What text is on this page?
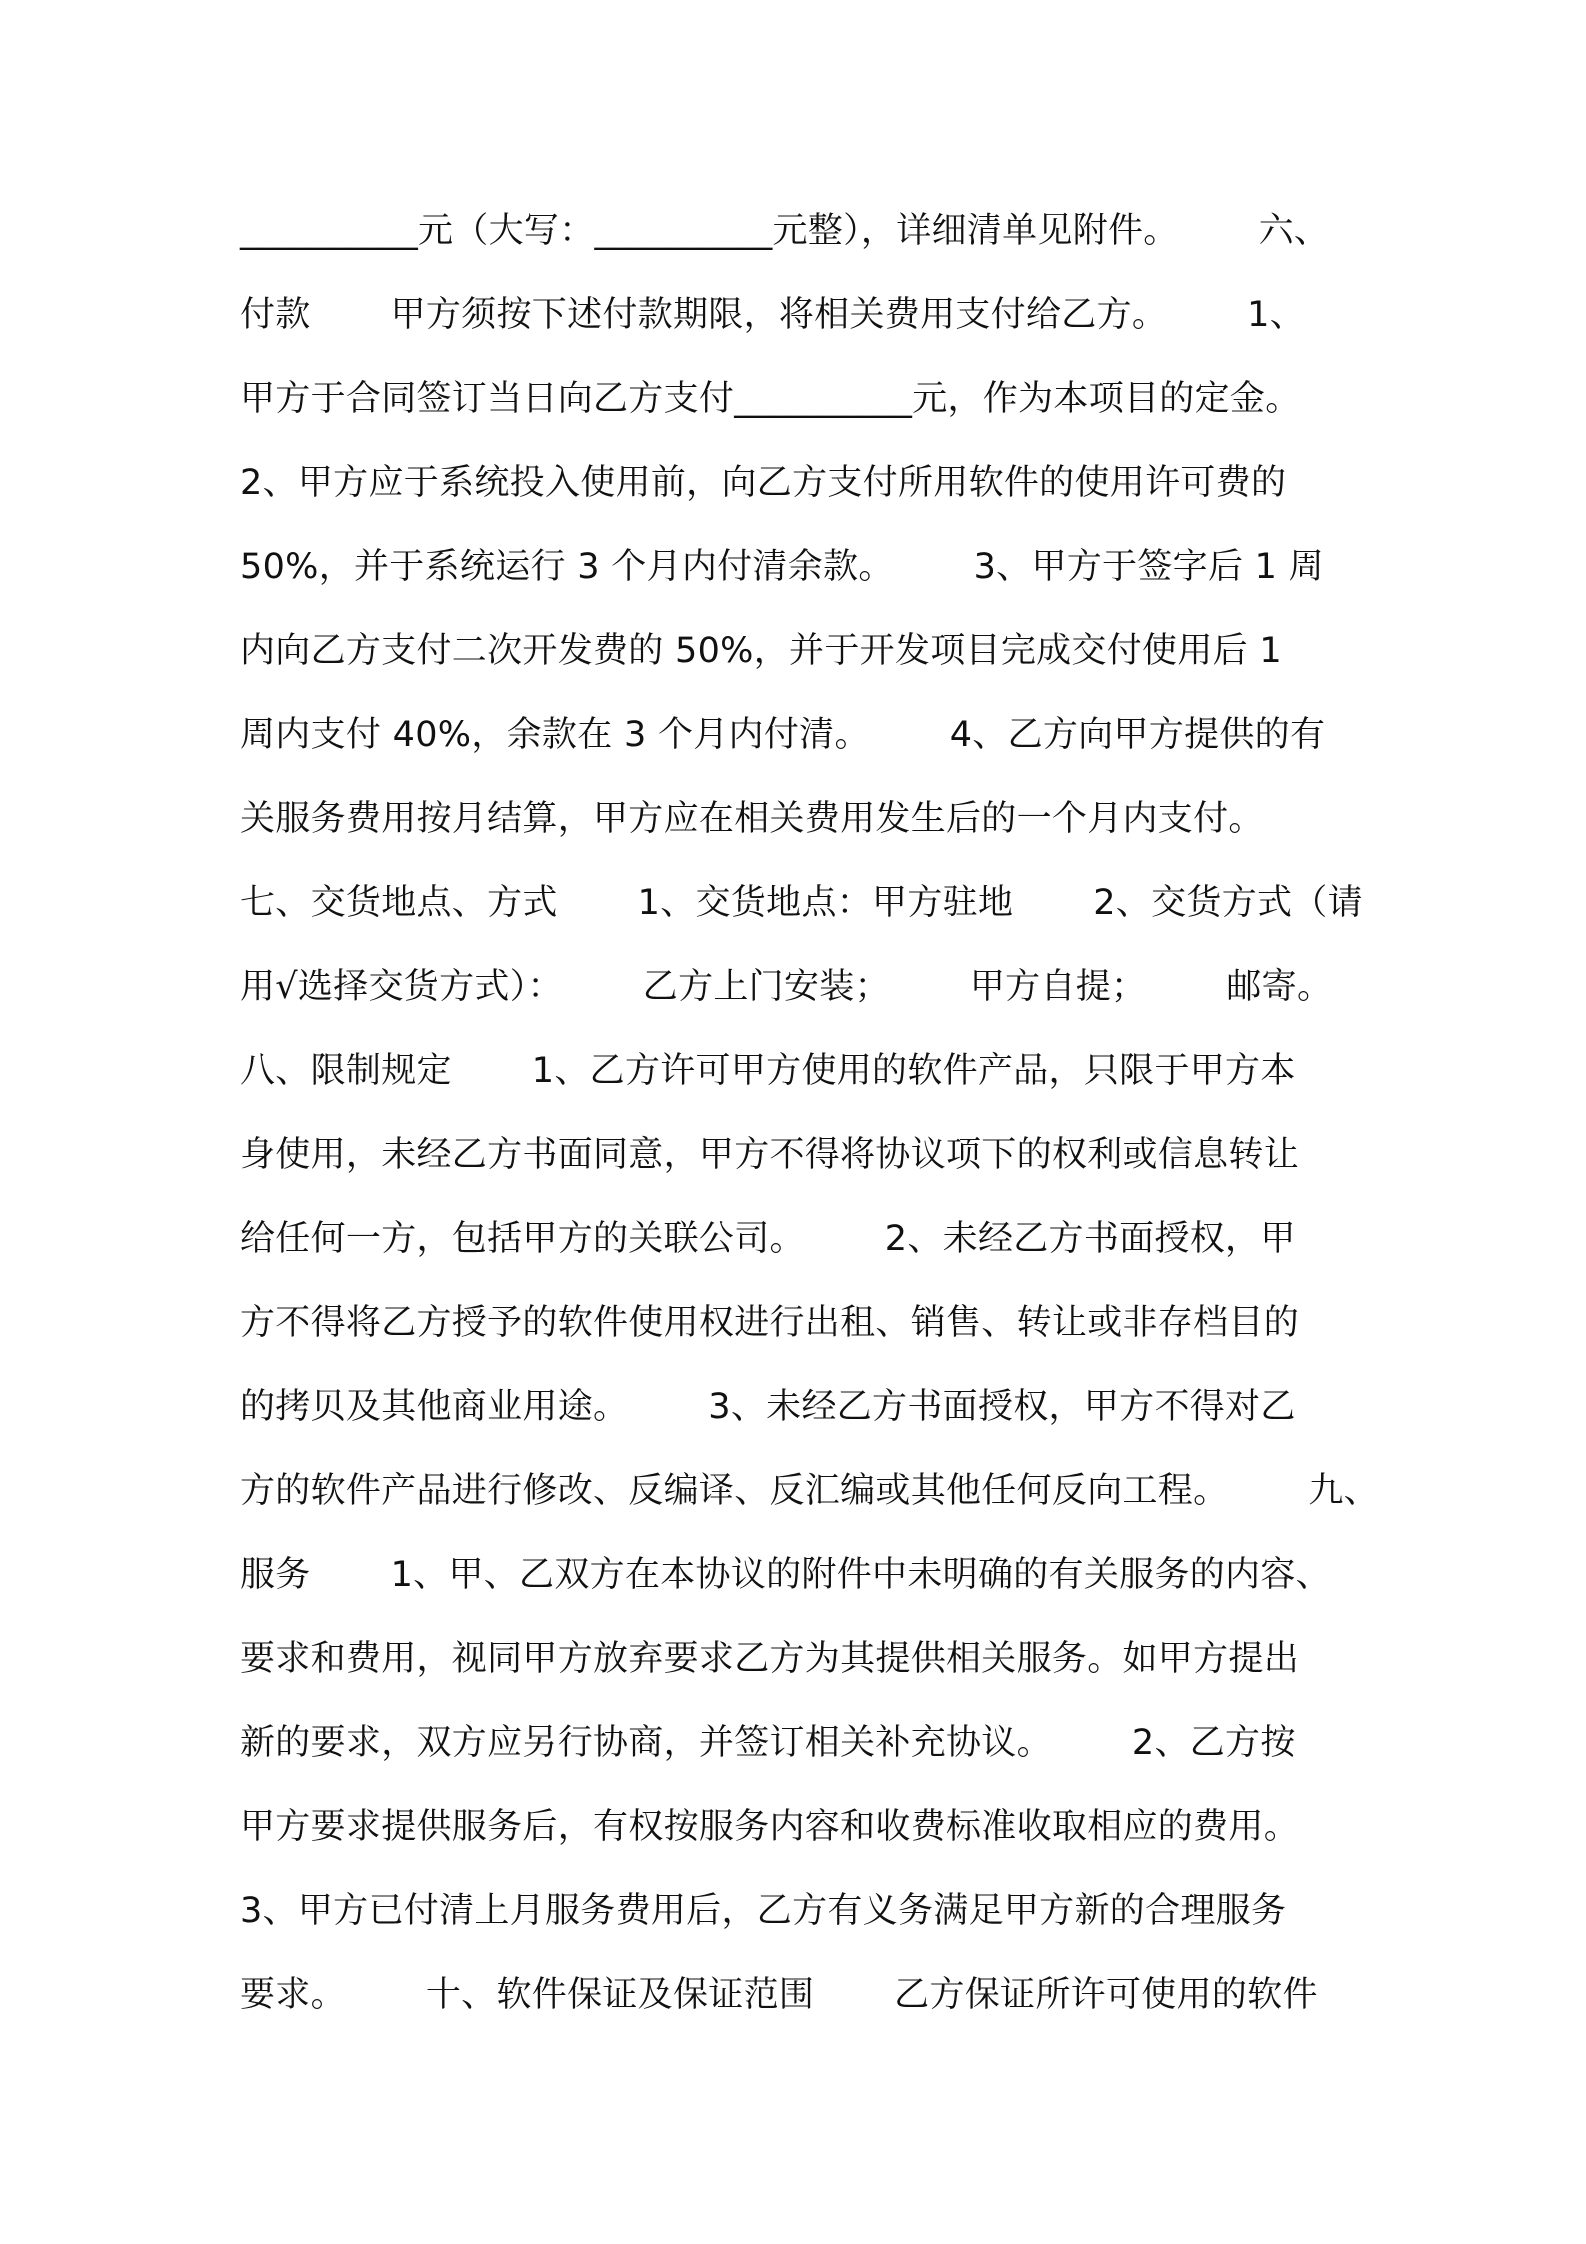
__________元（大写：__________元整），详细清单见附件。       六、
付款       甲方须按下述付款期限，将相关费用支付给乙方。       1、
甲方于合同签订当日向乙方支付__________元，作为本项目的定金。
2、甲方应于系统投入使用前，向乙方支付所用软件的使用许可费的
50%，并于系统运行 3 个月内付清余款。       3、甲方于签字后 1 周
内向乙方支付二次开发费的 50%，并于开发项目完成交付使用后 1
周内支付 40%，余款在 3 个月内付清。       4、乙方向甲方提供的有
关服务费用按月结算，甲方应在相关费用发生后的一个月内支付。
七、交货地点、方式       1、交货地点：甲方驻地       2、交货方式（请
用√选择交货方式）：       乙方上门安装；       甲方自提；       邮寄。
八、限制规定       1、乙方许可甲方使用的软件产品，只限于甲方本
身使用，未经乙方书面同意，甲方不得将协议项下的权利或信息转让
给任何一方，包括甲方的关联公司。       2、未经乙方书面授权，甲
方不得将乙方授予的软件使用权进行出租、销售、转让或非存档目的
的拷贝及其他商业用途。       3、未经乙方书面授权，甲方不得对乙
方的软件产品进行修改、反编译、反汇编或其他任何反向工程。       九、
服务       1、甲、乙双方在本协议的附件中未明确的有关服务的内容、
要求和费用，视同甲方放弃要求乙方为其提供相关服务。如甲方提出
新的要求，双方应另行协商，并签订相关补充协议。       2、乙方按
甲方要求提供服务后，有权按服务内容和收费标准收取相应的费用。
3、甲方已付清上月服务费用后，乙方有义务满足甲方新的合理服务
要求。       十、软件保证及保证范围       乙方保证所许可使用的软件
